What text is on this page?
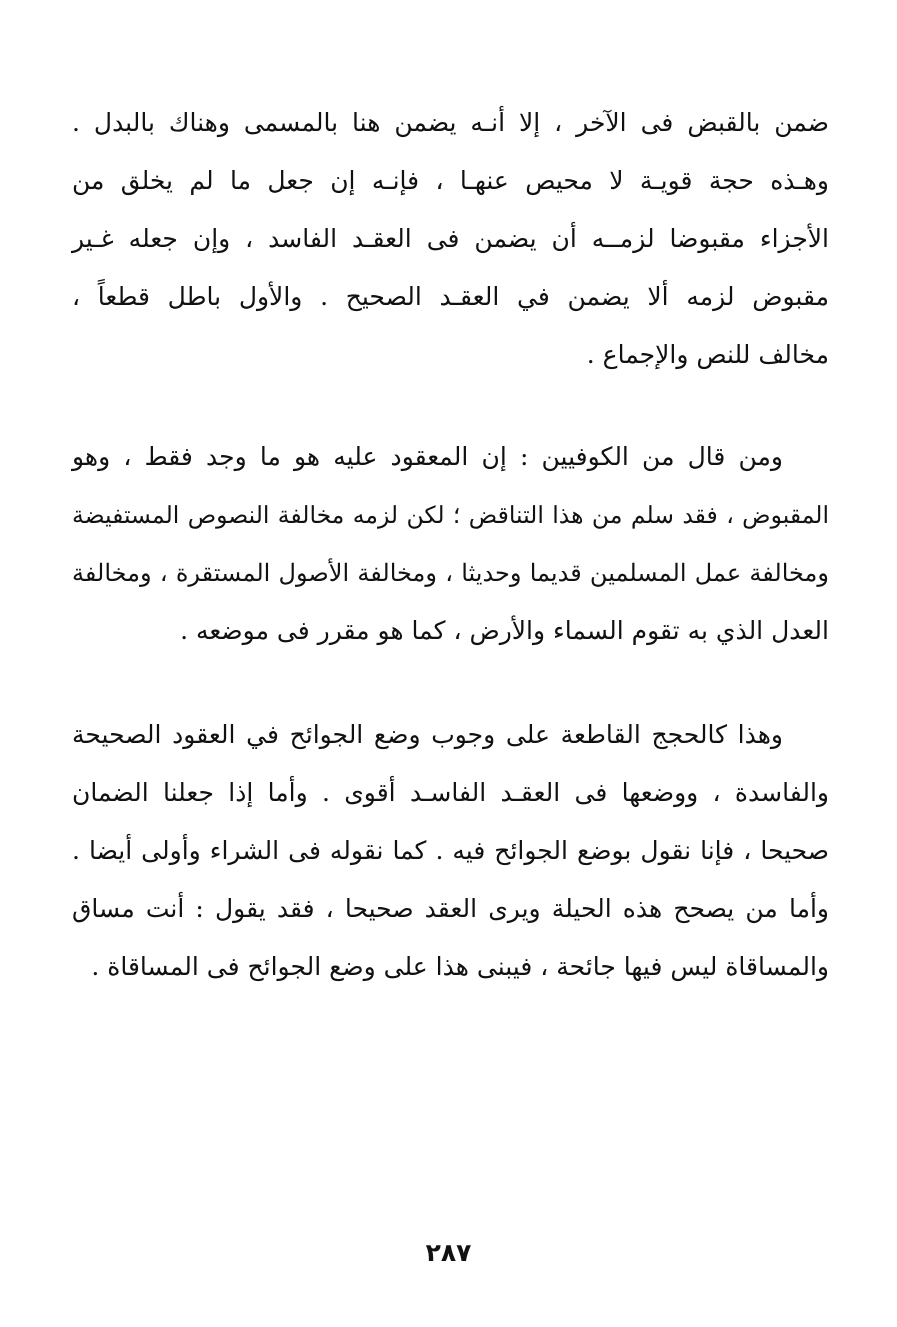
ضمن بالقبض فى الآخر ، إلا أنـه يضمن هنا بالمسمى وهناك بالبدل .
وهـذه حجة قويـة لا محيص عنهـا ، فإنـه إن جعل ما لم يخلق من
الأجزاء مقبوضا لزمــه أن يضمن فى العقـد الفاسد ، وإن جعله غـير
مقبوض لزمه ألا يضمن في العقـد الصحيح . والأول باطل قطعاً ،
مخالف للنص والإجماع .
ومن قال من الكوفيين : إن المعقود عليه هو ما وجد فقط ، وهو
المقبوض ، فقد سلم من هذا التناقض ؛ لكن لزمه مخالفة النصوص المستفيضة
ومخالفة عمل المسلمين قديما وحديثا ، ومخالفة الأصول المستقرة ، ومخالفة
العدل الذي به تقوم السماء والأرض ، كما هو مقرر فى موضعه .
وهذا كالحجج القاطعة على وجوب وضع الجوائح في العقود الصحيحة
والفاسدة ، ووضعها فى العقـد الفاسـد أقوى . وأما إذا جعلنا الضمان
صحيحا ، فإنا نقول بوضع الجوائح فيه . كما نقوله فى الشراء وأولى أيضا .
وأما من يصحح هذه الحيلة ويرى العقد صحيحا ، فقد يقول : أنت مساق
والمساقاة ليس فيها جائحة ، فيبنى هذا على وضع الجوائح فى المساقاة .
٢٨٧
